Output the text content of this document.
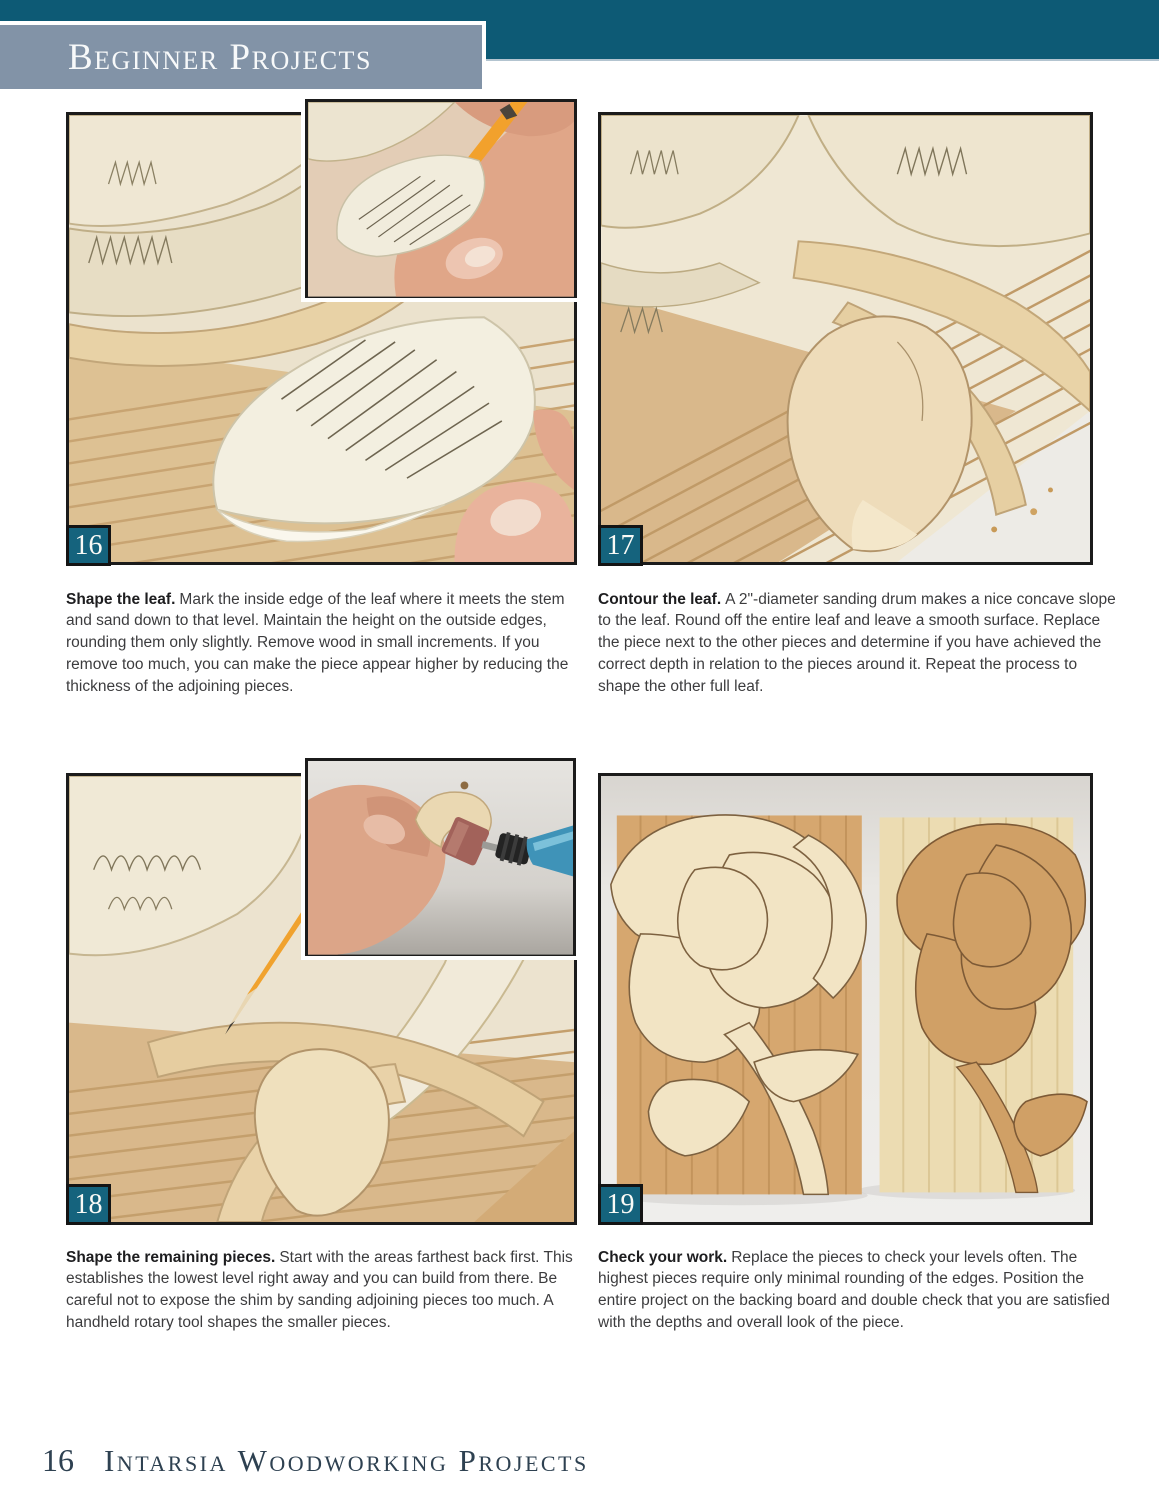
Beginner Projects
16

Shape the leaf. Mark the inside edge of the leaf where it meets the stem and sand down to that level. Maintain the height on the outside edges, rounding them only slightly. Remove wood in small increments. If you remove too much, you can make the piece appear higher by reducing the thickness of the adjoining pieces.

17

Contour the leaf. A 2"-diameter sanding drum makes a nice concave slope to the leaf. Round off the entire leaf and leave a smooth surface. Replace the piece next to the other pieces and determine if you have achieved the correct depth in relation to the pieces around it. Repeat the process to shape the other full leaf.

18

Shape the remaining pieces. Start with the areas farthest back first. This establishes the lowest level right away and you can build from there. Be careful not to expose the shim by sanding adjoining pieces too much. A handheld rotary tool shapes the smaller pieces.

19

Check your work. Replace the pieces to check your levels often. The highest pieces require only minimal rounding of the edges. Position the entire project on the backing board and double check that you are satisfied with the depths and overall look of the piece.

16 Intarsia Woodworking Projects
